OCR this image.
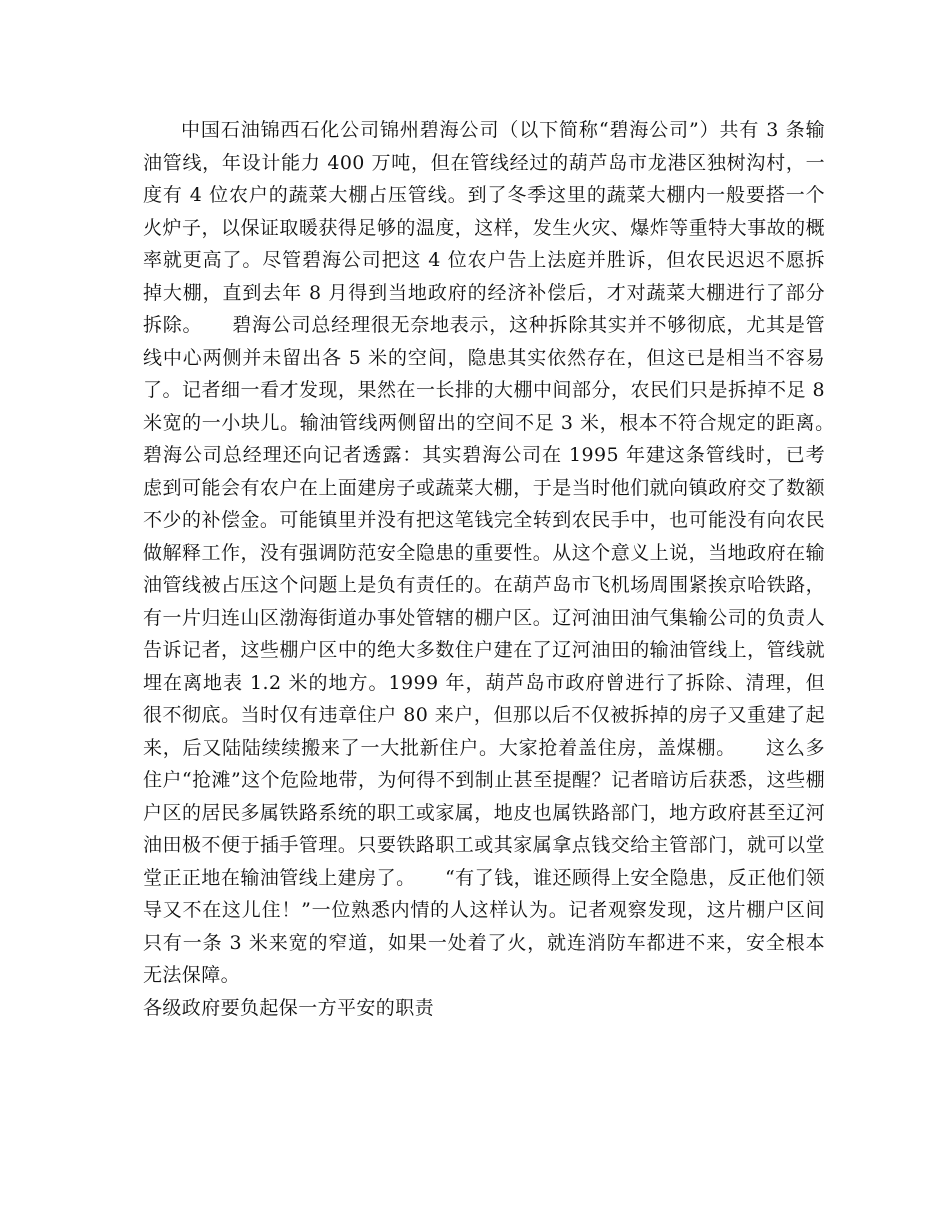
中国石油锦西石化公司锦州碧海公司（以下简称“碧海公司”）共有 3 条输油管线，年设计能力 400 万吨，但在管线经过的葫芦岛市龙港区独树沟村，一度有 4 位农户的蔬菜大棚占压管线。到了冬季这里的蔬菜大棚内一般要搭一个火炉子，以保证取暖获得足够的温度，这样，发生火灾、爆炸等重特大事故的概率就更高了。尽管碧海公司把这 4 位农户告上法庭并胜诉，但农民迟迟不愿拆掉大棚，直到去年 8 月得到当地政府的经济补偿后，才对蔬菜大棚进行了部分拆除。　　碧海公司总经理很无奈地表示，这种拆除其实并不够彻底，尤其是管线中心两侧并未留出各 5 米的空间，隐患其实依然存在，但这已是相当不容易了。记者细一看才发现，果然在一长排的大棚中间部分，农民们只是拆掉不足 8 米宽的一小块儿。输油管线两侧留出的空间不足 3 米，根本不符合规定的距离。　　碧海公司总经理还向记者透露：其实碧海公司在 1995 年建这条管线时，已考虑到可能会有农户在上面建房子或蔬菜大棚，于是当时他们就向镇政府交了数额不少的补偿金。可能镇里并没有把这笔钱完全转到农民手中，也可能没有向农民做解释工作，没有强调防范安全隐患的重要性。从这个意义上说，当地政府在输油管线被占压这个问题上是负有责任的。在葫芦岛市飞机场周围紧挨京哈铁路，有一片归连山区渤海街道办事处管辖的棚户区。辽河油田油气集输公司的负责人告诉记者，这些棚户区中的绝大多数住户建在了辽河油田的输油管线上，管线就埋在离地表 1.2 米的地方。1999 年，葫芦岛市政府曾进行了拆除、清理，但很不彻底。当时仅有违章住户 80 来户，但那以后不仅被拆掉的房子又重建了起来，后又陆陆续续搬来了一大批新住户。大家抢着盖住房，盖煤棚。　　这么多住户“抢滩”这个危险地带，为何得不到制止甚至提醒？记者暗访后获悉，这些棚户区的居民多属铁路系统的职工或家属，地皮也属铁路部门，地方政府甚至辽河油田极不便于插手管理。只要铁路职工或其家属拿点钱交给主管部门，就可以堂堂正正地在输油管线上建房了。　　“有了钱，谁还顾得上安全隐患，反正他们领导又不在这儿住！”一位熟悉内情的人这样认为。记者观察发现，这片棚户区间只有一条 3 米来宽的窄道，如果一处着了火，就连消防车都进不来，安全根本无法保障。

各级政府要负起保一方平安的职责
